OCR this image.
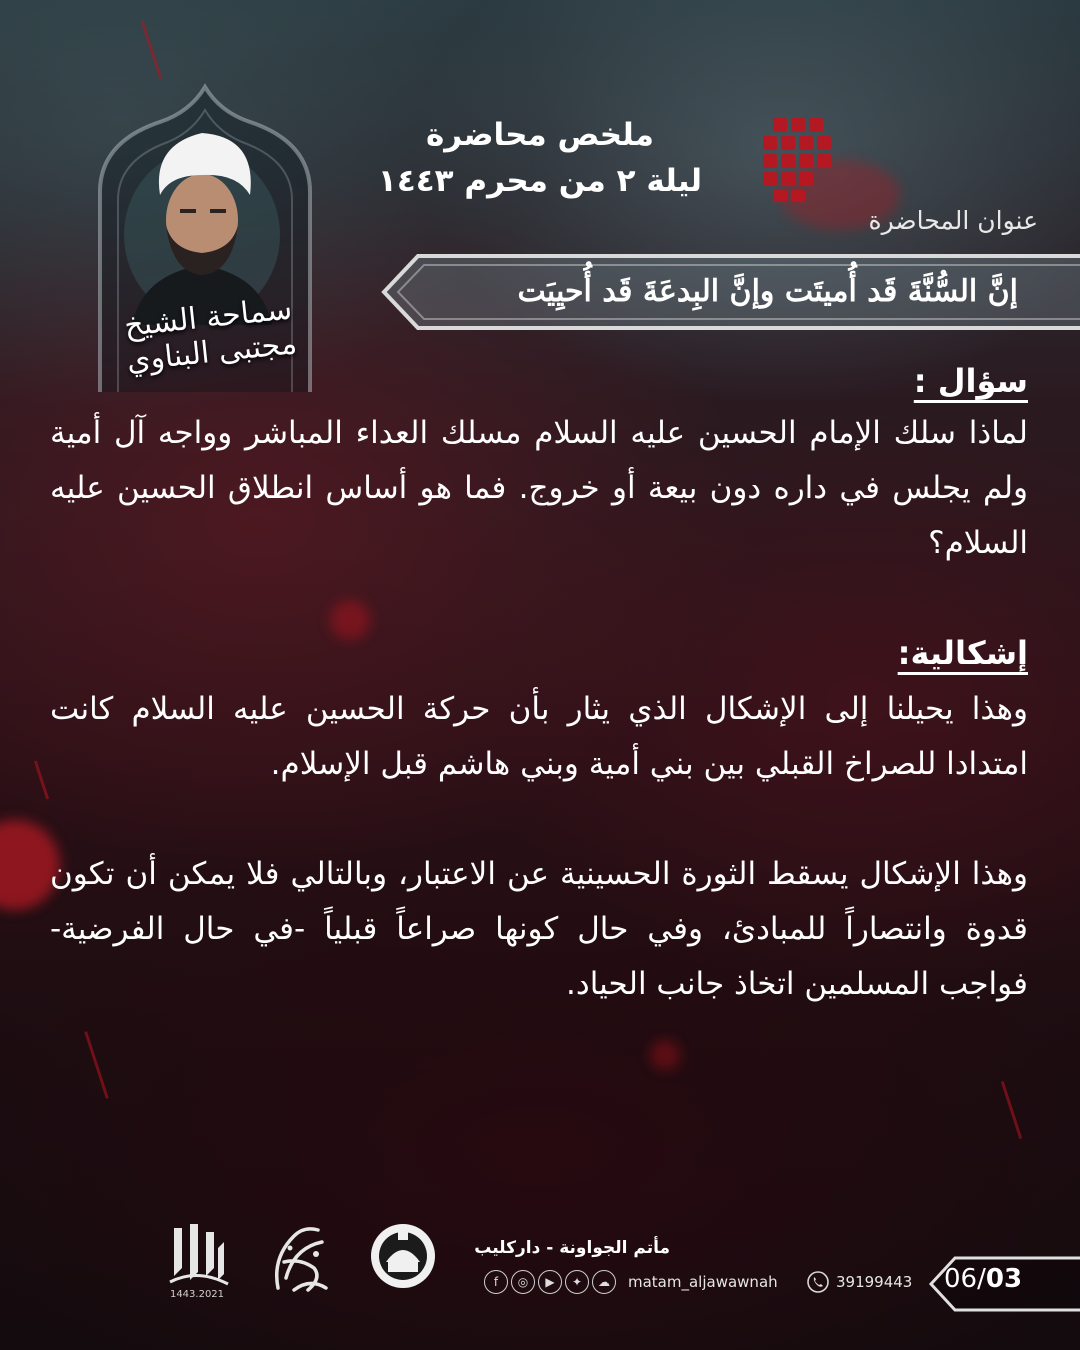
سماحة الشيخ مجتبى البناوي
ملخص محاضرة
ليلة ٢ من محرم ١٤٤٣
عنوان المحاضرة
إنَّ السُّنَّةَ قَد أُميتَت وإنَّ البِدعَةَ قَد أُحيِيَت
سؤال :
لماذا سلك الإمام الحسين عليه السلام مسلك العداء المباشر وواجه آل أمية ولم يجلس في داره دون بيعة أو خروج. فما هو أساس انطلاق الحسين عليه السلام؟
إشكالية:
وهذا يحيلنا إلى الإشكال الذي يثار بأن حركة الحسين عليه السلام كانت امتدادا للصراخ القبلي بين بني أمية وبني هاشم قبل الإسلام.
وهذا الإشكال يسقط الثورة الحسينية عن الاعتبار، وبالتالي فلا يمكن أن تكون قدوة وانتصاراً للمبادئ، وفي حال كونها صراعاً قبلياً -في حال الفرضية- فواجب المسلمين اتخاذ جانب الحياد.
1443.2021
مأتم الجواونة - داركليب
f	◎	▶	✦	☁	matam_aljawawnah	39199443 06/03
